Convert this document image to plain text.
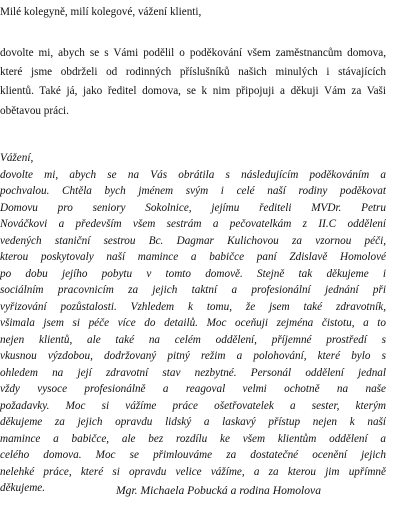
Milé kolegyně, milí kolegové, vážení klienti,
dovolte mi, abych se s Vámi podělil o poděkování všem zaměstnancům domova,
které jsme obdrželi od rodinných příslušníků našich minulých i stávajících
klientů. Také já, jako ředitel domova, se k nim připojuji a děkuji Vám za Vaši
obětavou práci.
Vážení,
dovolte mi, abych se na Vás obrátila s následujícím poděkováním a
pochvalou. Chtěla bych jménem svým i celé naší rodiny poděkovat
Domovu pro seniory Sokolnice, jejímu řediteli MVDr. Petru
Nováčkovi a především všem sestrám a pečovatelkám z II.C oddělení
vedených staniční sestrou Bc. Dagmar Kulichovou za vzornou péči,
kterou poskytovaly naší mamince a babičce paní Zdislavě Homolové
po dobu jejího pobytu v tomto domově. Stejně tak děkujeme i
sociálním pracovnicím za jejich taktní a profesionální jednání při
vyřizování pozůstalosti. Vzhledem k tomu, že jsem také zdravotník,
všimala jsem si péče více do detailů. Moc oceňuji zejména čistotu, a to
nejen klientů, ale také na celém oddělení, příjemné prostředí s
vkusnou výzdobou, dodržovaný pitný režim a polohování, které bylo s
ohledem na její zdravotní stav nezbytné. Personál oddělení jednal
vždy vysoce profesionálně a reagoval velmi ochotně na naše
požadavky. Moc si vážíme práce ošetřovatelek a sester, kterým
děkujeme za jejich opravdu lidský a laskavý přístup nejen k naší
mamince a babičce, ale bez rozdílu ke všem klientům oddělení a
celého domova. Moc se přimlouváme za dostatečné ocenění jejich
nelehké práce, které si opravdu velice vážíme, a za kterou jim upřímně
děkujeme.	Mgr. Michaela Pobucká a rodina Homolova
